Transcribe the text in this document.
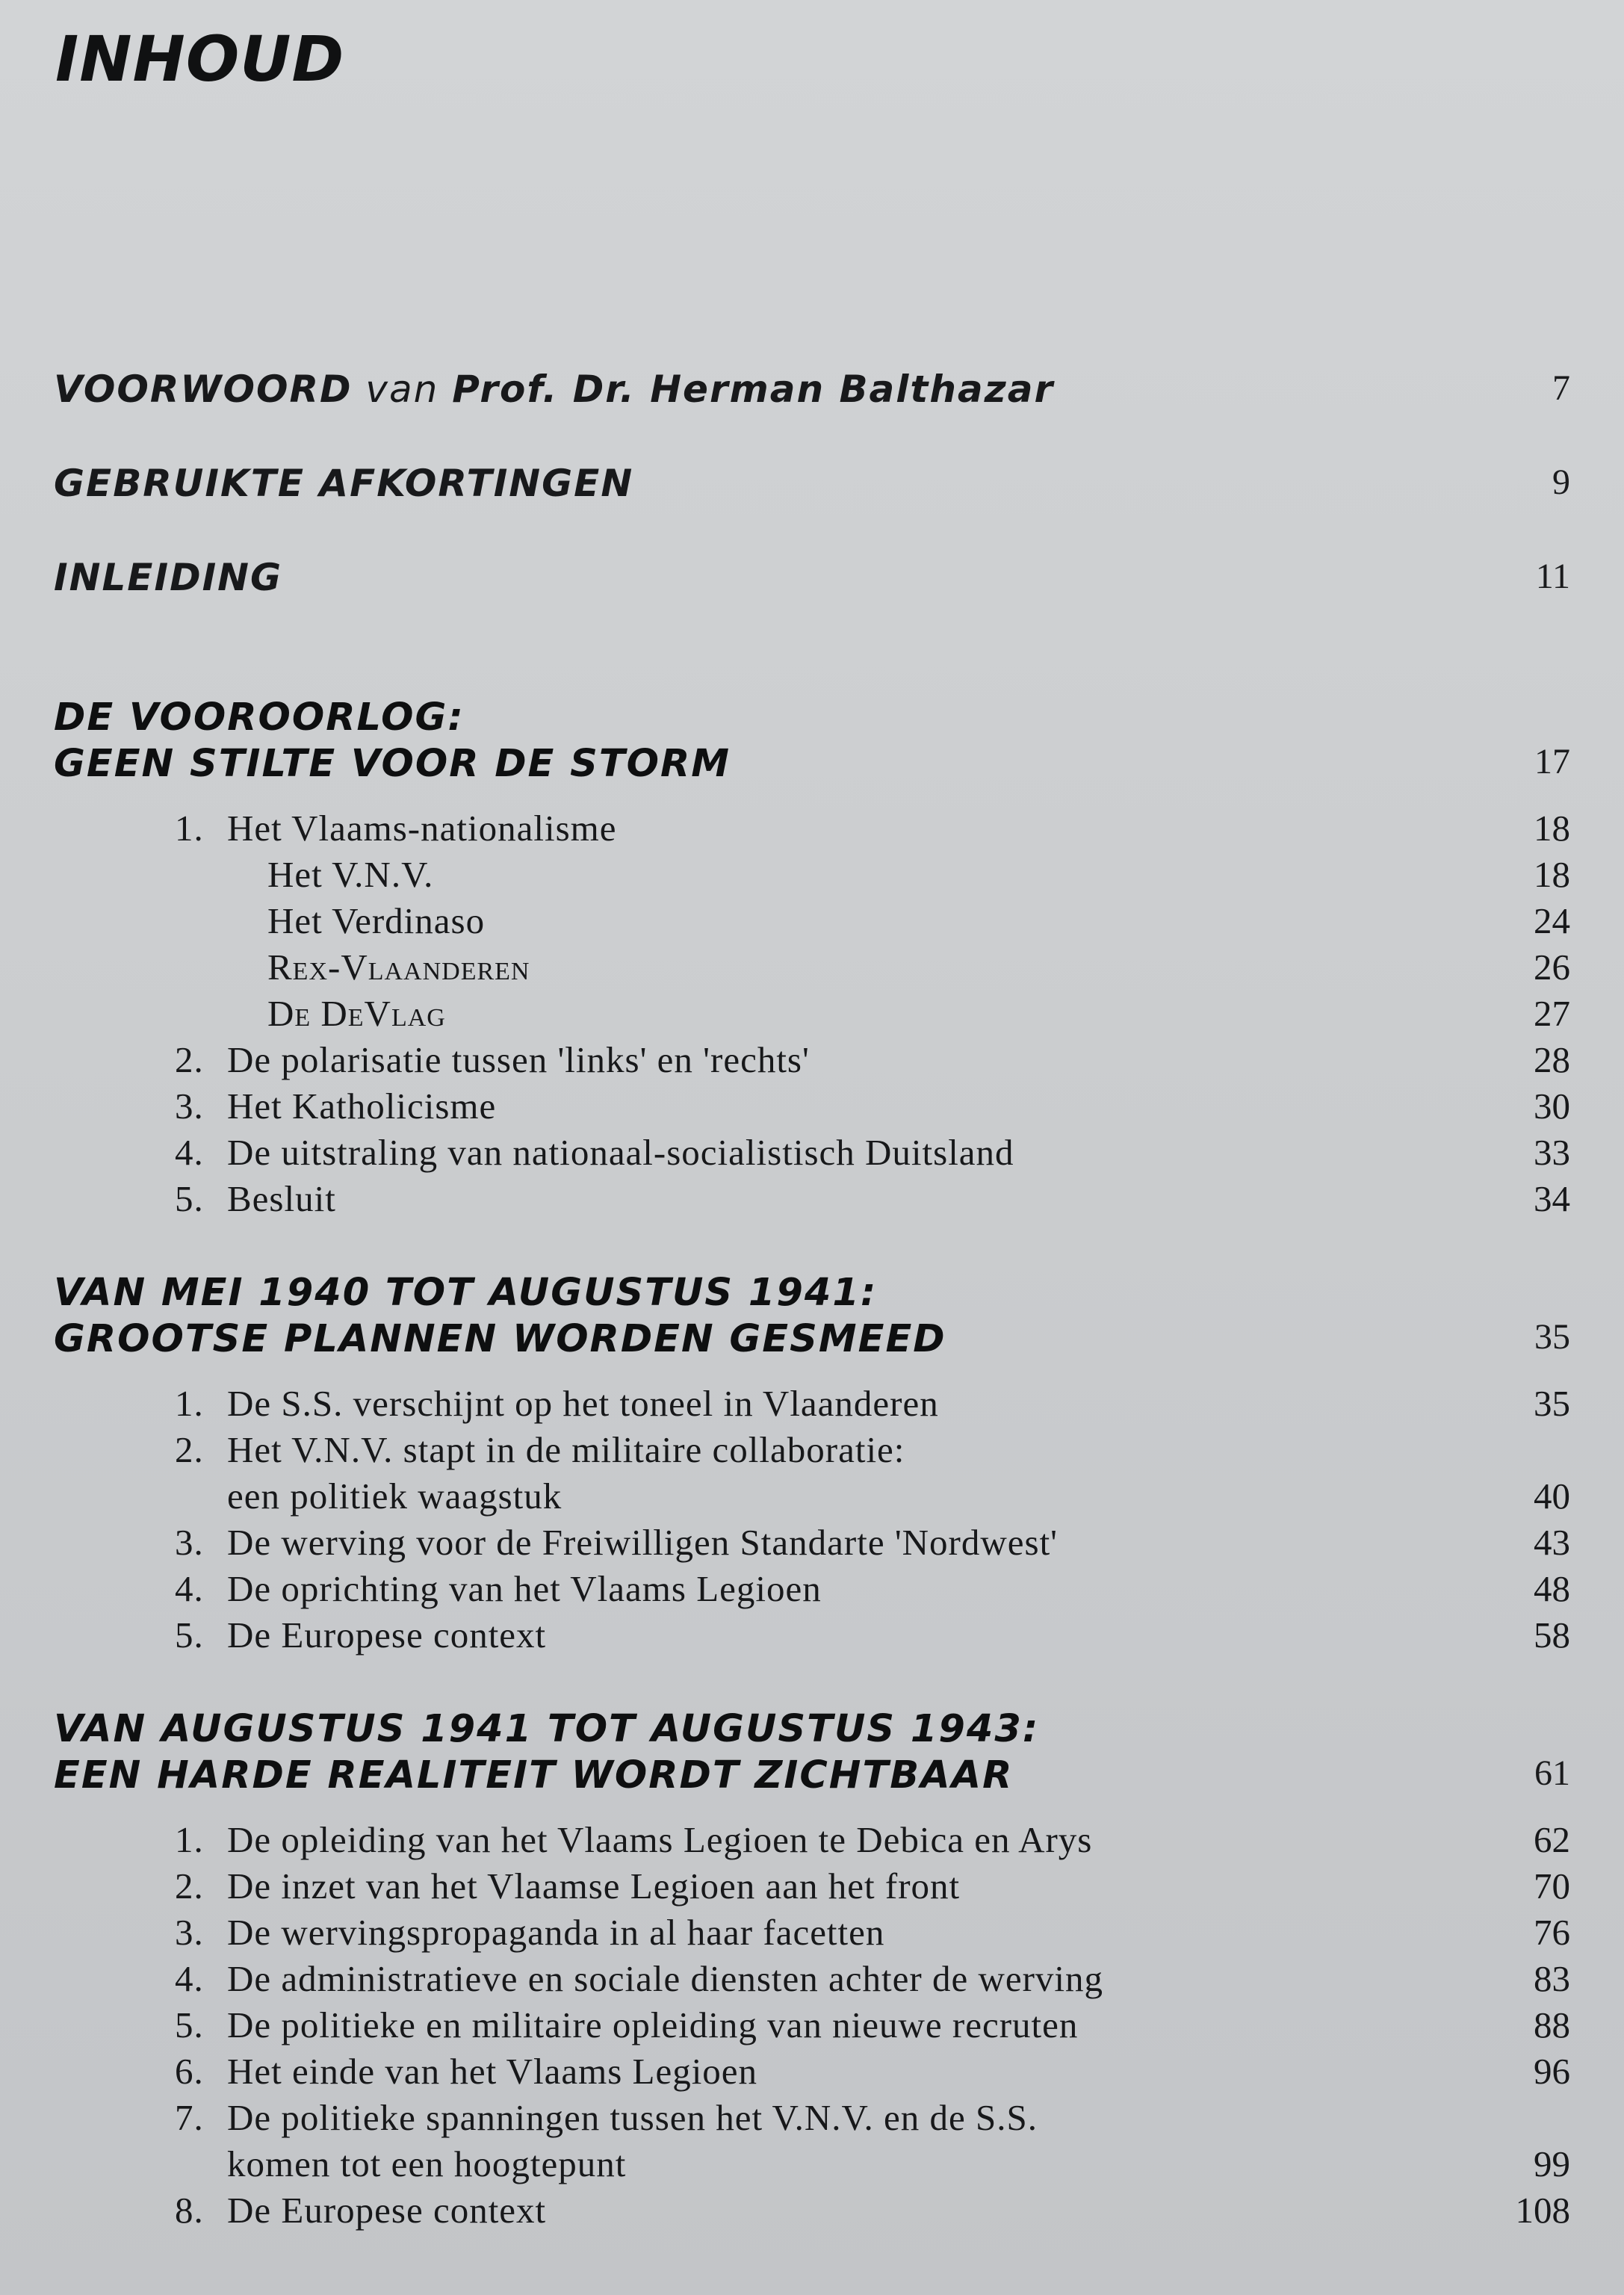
INHOUD
VOORWOORD van Prof. Dr. Herman Balthazar	7
GEBRUIKTE AFKORTINGEN	9
INLEIDING	11
DE VOOROORLOG:
GEEN STILTE VOOR DE STORM	17
1. Het Vlaams-nationalisme	18
Het V.N.V.	18
Het Verdinaso	24
Rex-Vlaanderen	26
De DeVlag	27
2. De polarisatie tussen 'links' en 'rechts'	28
3. Het Katholicisme	30
4. De uitstraling van nationaal-socialistisch Duitsland	33
5. Besluit	34
VAN MEI 1940 TOT AUGUSTUS 1941:
GROOTSE PLANNEN WORDEN GESMEED	35
1. De S.S. verschijnt op het toneel in Vlaanderen	35
2. Het V.N.V. stapt in de militaire collaboratie:
een politiek waagstuk	40
3. De werving voor de Freiwilligen Standarte 'Nordwest'	43
4. De oprichting van het Vlaams Legioen	48
5. De Europese context	58
VAN AUGUSTUS 1941 TOT AUGUSTUS 1943:
EEN HARDE REALITEIT WORDT ZICHTBAAR	61
1. De opleiding van het Vlaams Legioen te Debica en Arys	62
2. De inzet van het Vlaamse Legioen aan het front	70
3. De wervingspropaganda in al haar facetten	76
4. De administratieve en sociale diensten achter de werving	83
5. De politieke en militaire opleiding van nieuwe recruten	88
6. Het einde van het Vlaams Legioen	96
7. De politieke spanningen tussen het V.N.V. en de S.S.
komen tot een hoogtepunt	99
8. De Europese context	108
